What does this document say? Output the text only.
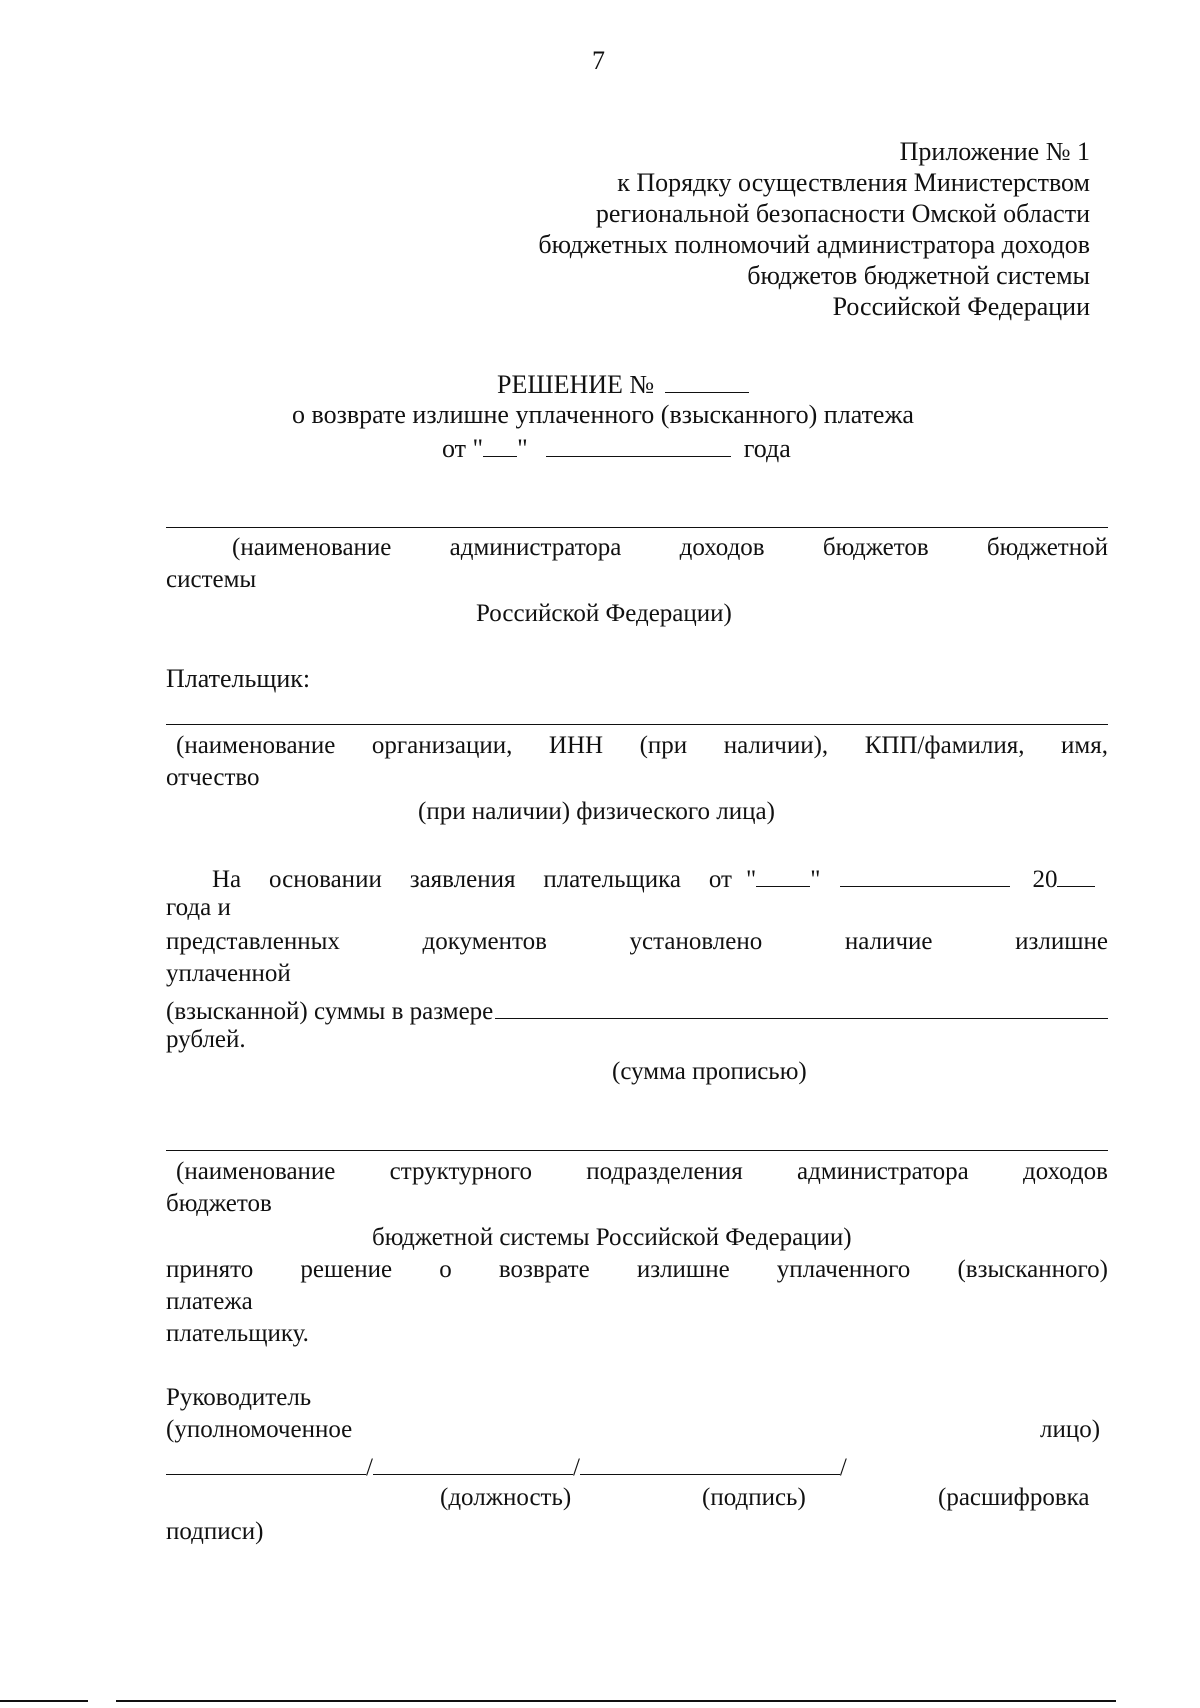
7
Приложение № 1
к Порядку осуществления Министерством
региональной безопасности Омской области
бюджетных полномочий администратора доходов
бюджетов бюджетной системы
Российской Федерации
РЕШЕНИЕ №
о возврате излишне уплаченного (взысканного) платежа
от " "	года
(наименование администратора доходов бюджетов бюджетной
системы
Российской Федерации)
Плательщик:
(наименование организации, ИНН (при наличии), КПП/фамилия, имя,
отчество
(при наличии) физического лица)
На основании заявления плательщика от " "	20
года и
представленных	документов	установлено	наличие	излишне
уплаченной
(взысканной) суммы в размере
рублей.
(сумма прописью)
(наименование структурного подразделения администратора доходов
бюджетов
бюджетной системы Российской Федерации)
принято решение о возврате излишне уплаченного (взысканного)
платежа
плательщику.
Руководитель
(уполномоченное	лицо)
/	/	/
(должность)	(подпись)	(расшифровка
подписи)
